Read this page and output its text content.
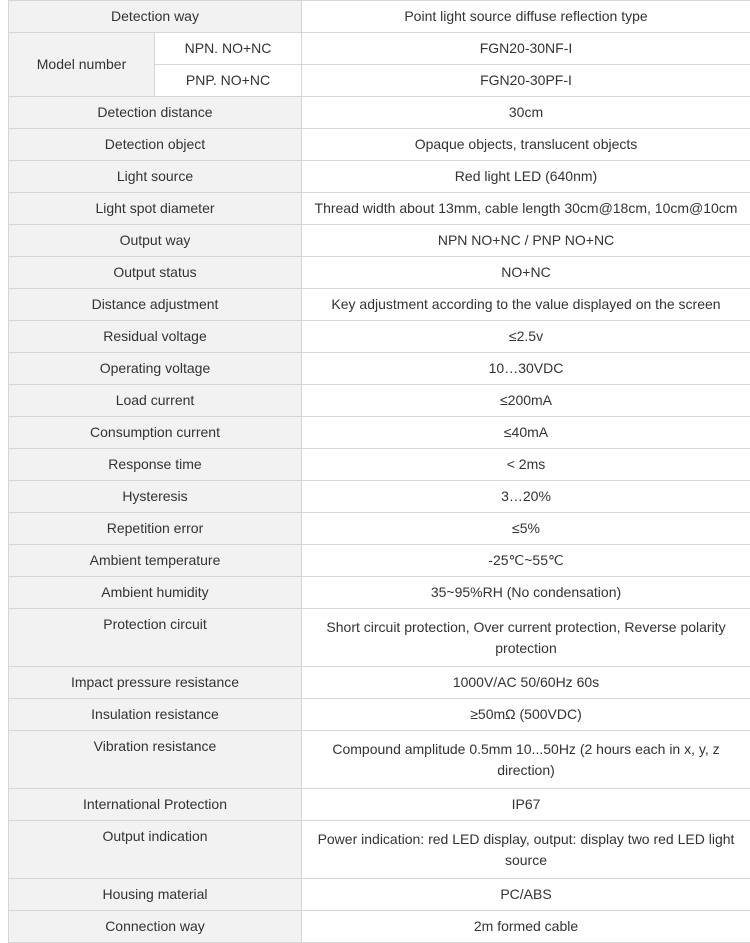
Detection way		Point light source diffuse reflection type
Model number	NPN. NO+NC	FGN20-30NF-I
	PNP. NO+NC	FGN20-30PF-I
Detection distance		30cm
Detection object		Opaque objects, translucent objects
Light source		Red light LED (640nm)
Light spot diameter		Thread width about 13mm, cable length 30cm@18cm, 10cm@10cm
Output way		NPN NO+NC / PNP NO+NC
Output status		NO+NC
Distance adjustment		Key adjustment according to the value displayed on the screen
Residual voltage		≤2.5v
Operating voltage		10…30VDC
Load current		≤200mA
Consumption current		≤40mA
Response time		< 2ms
Hysteresis		3…20%
Repetition error		≤5%
Ambient temperature		-25℃~55℃
Ambient humidity		35~95%RH (No condensation)
Protection circuit		Short circuit protection, Over current protection, Reverse polarity protection
Impact pressure resistance		1000V/AC 50/60Hz 60s
Insulation resistance		≥50mΩ (500VDC)
Vibration resistance		Compound amplitude 0.5mm 10...50Hz (2 hours each in x, y, z direction)
International Protection		IP67
Output indication		Power indication: red LED display, output: display two red LED light source
Housing material		PC/ABS
Connection way		2m formed cable
